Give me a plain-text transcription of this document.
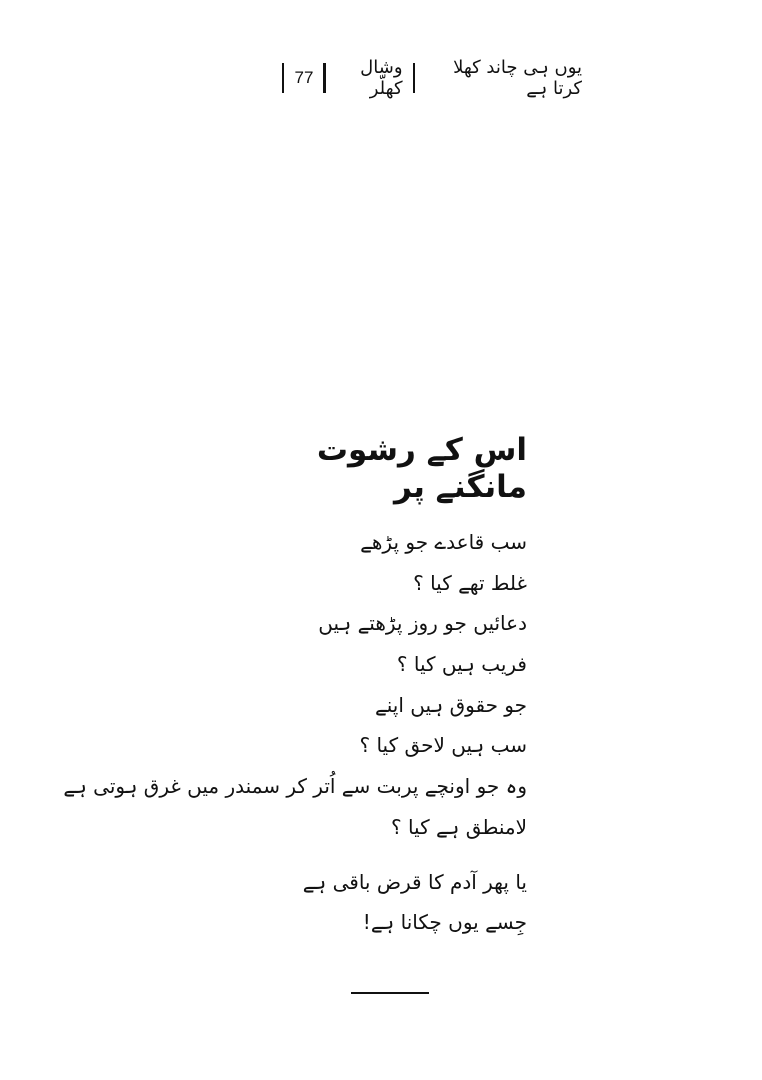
یوں ہی چاند کھلا کرتا ہے
وشال کھلّر
77
اس کے رشوت مانگنے پر
سب قاعدے جو پڑھے
غلط تھے کیا ؟
دعائیں جو روز پڑھتے ہیں
فریب ہیں کیا ؟
جو حقوق ہیں اپنے
سب ہیں لاحق کیا ؟
وہ جو اونچے پربت سے اُتر کر سمندر میں غرق ہوتی ہے
لامنطق ہے کیا ؟
یا پھر آدم کا قرض باقی ہے
جِسے یوں چکانا ہے!
